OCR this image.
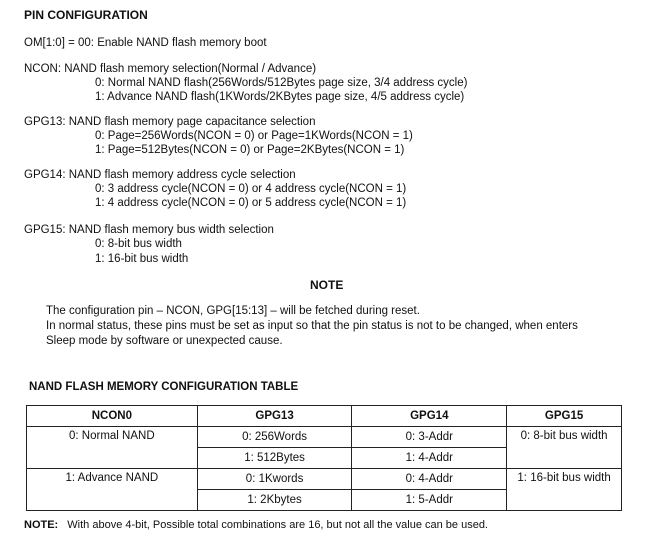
PIN CONFIGURATION
OM[1:0] = 00: Enable NAND flash memory boot
NCON: NAND flash memory selection(Normal / Advance)
0: Normal NAND flash(256Words/512Bytes page size, 3/4 address cycle)
1: Advance NAND flash(1KWords/2KBytes page size, 4/5 address cycle)
GPG13: NAND flash memory page capacitance selection
0: Page=256Words(NCON = 0) or Page=1KWords(NCON = 1)
1: Page=512Bytes(NCON = 0) or Page=2KBytes(NCON = 1)
GPG14: NAND flash memory address cycle selection
0: 3 address cycle(NCON = 0) or 4 address cycle(NCON = 1)
1: 4 address cycle(NCON = 0) or 5 address cycle(NCON = 1)
GPG15: NAND flash memory bus width selection
0: 8-bit bus width
1: 16-bit bus width
NOTE
The configuration pin – NCON, GPG[15:13] – will be fetched during reset.
In normal status, these pins must be set as input so that the pin status is not to be changed, when enters
Sleep mode by software or unexpected cause.
NAND FLASH MEMORY CONFIGURATION TABLE
NCON0	GPG13	GPG14	GPG15
0: Normal NAND	0: 256Words	0: 3-Addr	0: 8-bit bus width
	1: 512Bytes	1: 4-Addr	
1: Advance NAND	0: 1Kwords	0: 4-Addr	1: 16-bit bus width
	1: 2Kbytes	1: 5-Addr	
NOTE: With above 4-bit, Possible total combinations are 16, but not all the value can be used.
